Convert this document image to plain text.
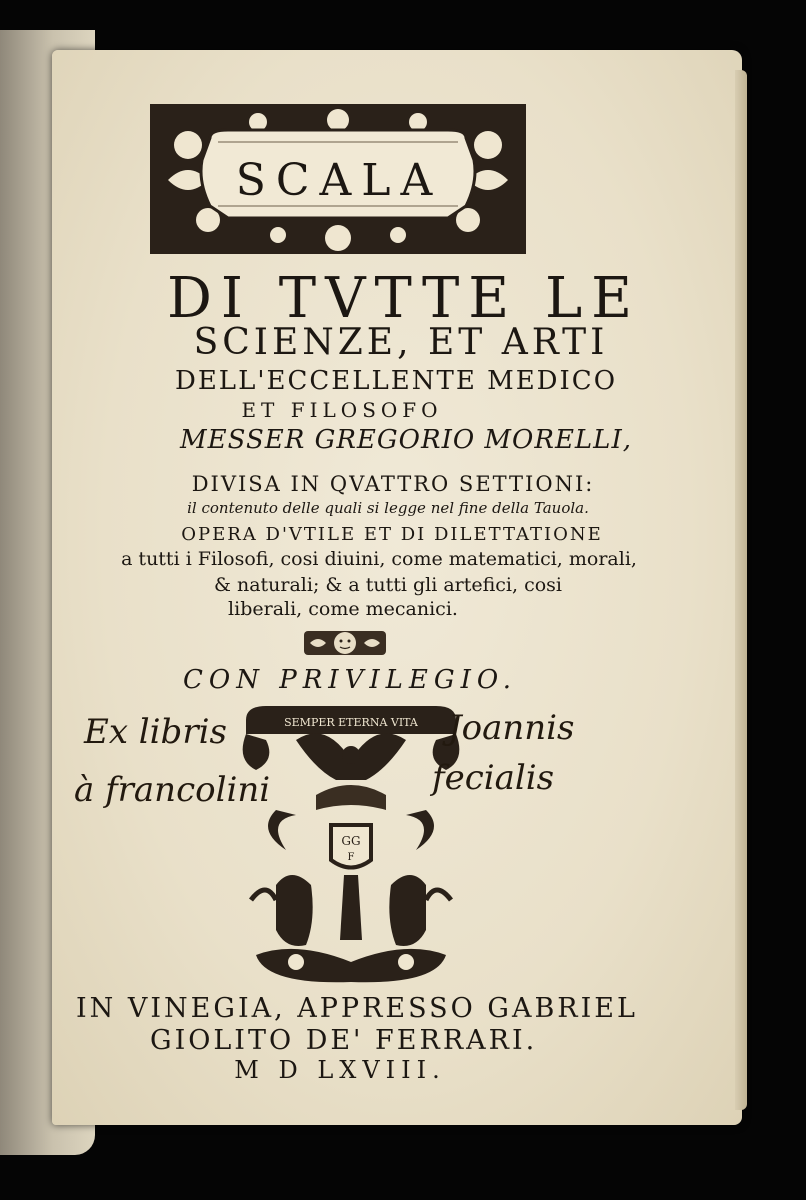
SCALA
DI TVTTE LE
SCIENZE, ET ARTI
DELL'ECCELLENTE MEDICO
ET FILOSOFO
MESSER GREGORIO MORELLI,
DIVISA IN QVATTRO SETTIONI:
il contenuto delle quali si legge nel fine della Tauola.
OPERA D'VTILE ET DI DILETTATIONE
a tutti i Filosofi, cosi diuini, come matematici, morali,
& naturali; & a tutti gli artefici, cosi
liberali, come mecanici.
CON PRIVILEGIO.
SEMPER ETERNA VITA
GG
F
Ex libris	Joannis
à francolini	fecialis
IN VINEGIA, APPRESSO GABRIEL
GIOLITO DE' FERRARI.
M D LXVIII.
